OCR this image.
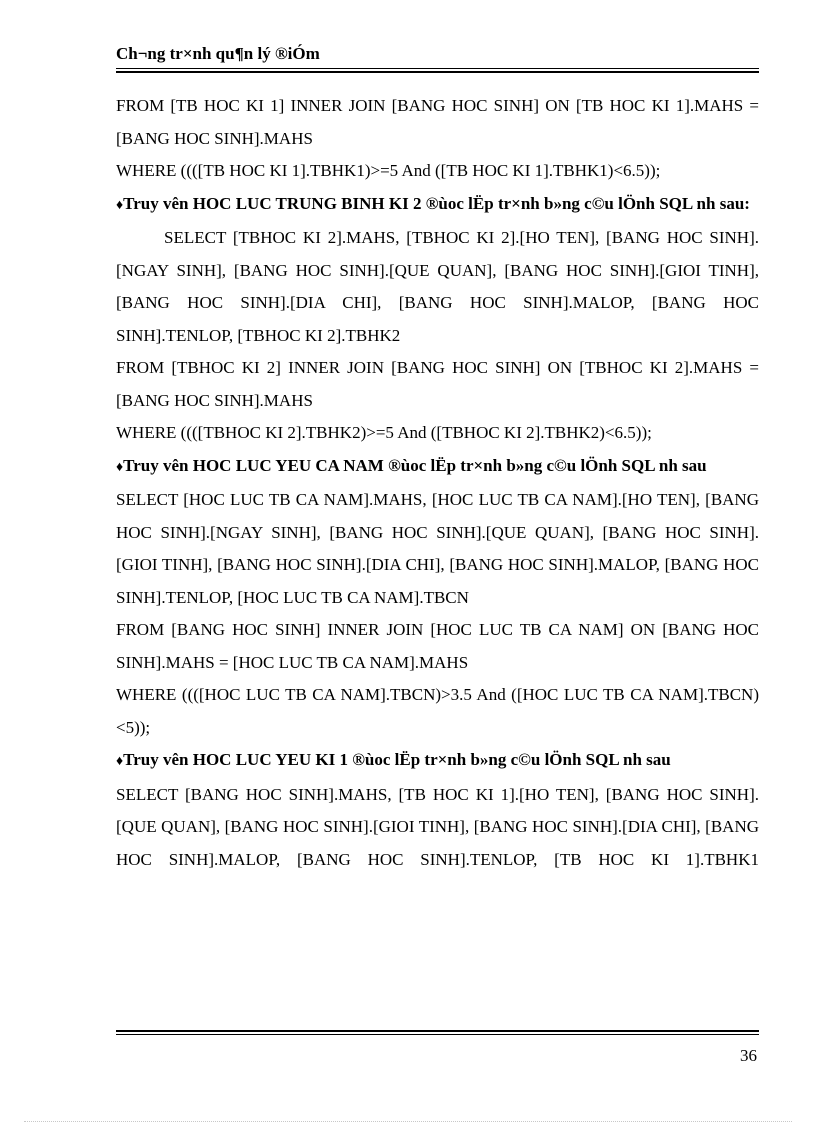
Ch¬ng tr×nh qu¶n lý ®iÓm

FROM [TB HOC KI 1] INNER JOIN [BANG HOC SINH] ON [TB HOC KI 1].MAHS = [BANG HOC SINH].MAHS

WHERE ((([TB HOC KI 1].TBHK1)>=5 And ([TB HOC KI 1].TBHK1)<6.5));

♦Truy vên HOC LUC TRUNG BINH KI 2 ®ùoc lËp tr×nh b»ng c©u lÖnh SQL nh sau:

SELECT [TBHOC KI 2].MAHS, [TBHOC KI 2].[HO TEN], [BANG HOC SINH].[NGAY SINH], [BANG HOC SINH].[QUE QUAN], [BANG HOC SINH].[GIOI TINH], [BANG HOC SINH].[DIA CHI], [BANG HOC SINH].MALOP, [BANG HOC SINH].TENLOP, [TBHOC KI 2].TBHK2

FROM [TBHOC KI 2] INNER JOIN [BANG HOC SINH] ON [TBHOC KI 2].MAHS = [BANG HOC SINH].MAHS

WHERE ((([TBHOC KI 2].TBHK2)>=5 And ([TBHOC KI 2].TBHK2)<6.5));

♦Truy vên HOC LUC YEU CA NAM ®ùoc lËp tr×nh b»ng c©u lÖnh SQL nh sau

SELECT [HOC LUC TB CA NAM].MAHS, [HOC LUC TB CA NAM].[HO TEN], [BANG HOC SINH].[NGAY SINH], [BANG HOC SINH].[QUE QUAN], [BANG HOC SINH].[GIOI TINH], [BANG HOC SINH].[DIA CHI], [BANG HOC SINH].MALOP, [BANG HOC SINH].TENLOP, [HOC LUC TB CA NAM].TBCN

FROM [BANG HOC SINH] INNER JOIN [HOC LUC TB CA NAM] ON [BANG HOC SINH].MAHS = [HOC LUC TB CA NAM].MAHS

WHERE ((([HOC LUC TB CA NAM].TBCN)>3.5 And ([HOC LUC TB CA NAM].TBCN)<5));

♦Truy vên HOC LUC YEU KI 1 ®ùoc lËp tr×nh b»ng c©u lÖnh SQL nh sau

SELECT [BANG HOC SINH].MAHS, [TB HOC KI 1].[HO TEN], [BANG HOC SINH].[QUE QUAN], [BANG HOC SINH].[GIOI TINH], [BANG HOC SINH].[DIA CHI], [BANG HOC SINH].MALOP, [BANG HOC SINH].TENLOP, [TB HOC KI 1].TBHK1

36
